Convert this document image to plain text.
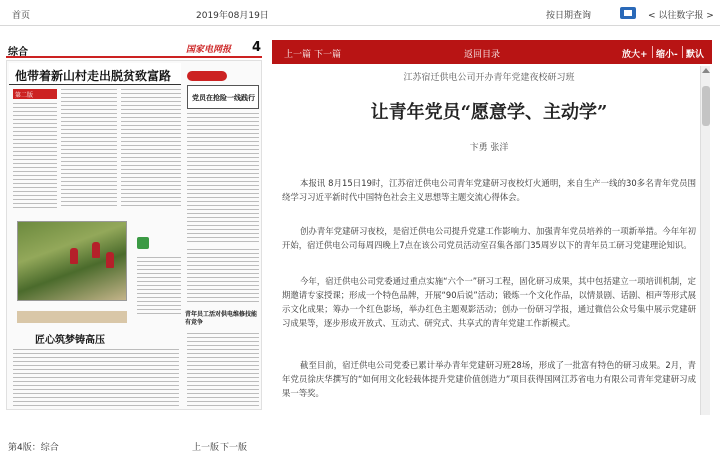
首页	2019年08月19日	按日期查询	< 以往数字报 >
综合	国家电网报 4
他带着新山村走出脱贫致富路
第二版	党员在抢险一线践行
匠心筑梦铸高压
青年员工活对供电维修技能有竞争
第4版：综合	上一版 下一版
上一篇 下一篇	返回目录	放大+ 缩小- 默认
江苏宿迁供电公司开办青年党建夜校研习班
让青年党员“愿意学、主动学”
卞勇 张洋

本报讯 8月15日19时，江苏宿迁供电公司青年党建研习夜校灯火通明，来自生产一线的30多名青年党员围绕学习习近平新时代中国特色社会主义思想等主题交流心得体会。

创办青年党建研习夜校，是宿迁供电公司提升党建工作影响力、加强青年党员培养的一项新举措。今年年初开始，宿迁供电公司每周四晚上7点在该公司党员活动室召集各部门35周岁以下的青年员工研习党建理论知识。

今年，宿迁供电公司党委通过重点实施“六个一”研习工程，固化研习成果，其中包括建立一项培训机制，定期邀请专家授课；形成一个特色品牌，开展“90后说”活动；锻炼一个文化作品，以情景剧、话剧、相声等形式展示文化成果；筹办一个红色影场，举办红色主题观影活动；创办一份研习学报，通过微信公众号集中展示党建研习成果等，逐步形成开放式、互动式、研究式、共享式的青年党建工作新模式。

截至目前，宿迁供电公司党委已累计举办青年党建研习班28场，形成了一批富有特色的研习成果。2月，青年党员徐庆华撰写的“如何用文化轻载体提升党建价值创造力”项目获得国网江苏省电力有限公司青年党建研习成果一等奖。
